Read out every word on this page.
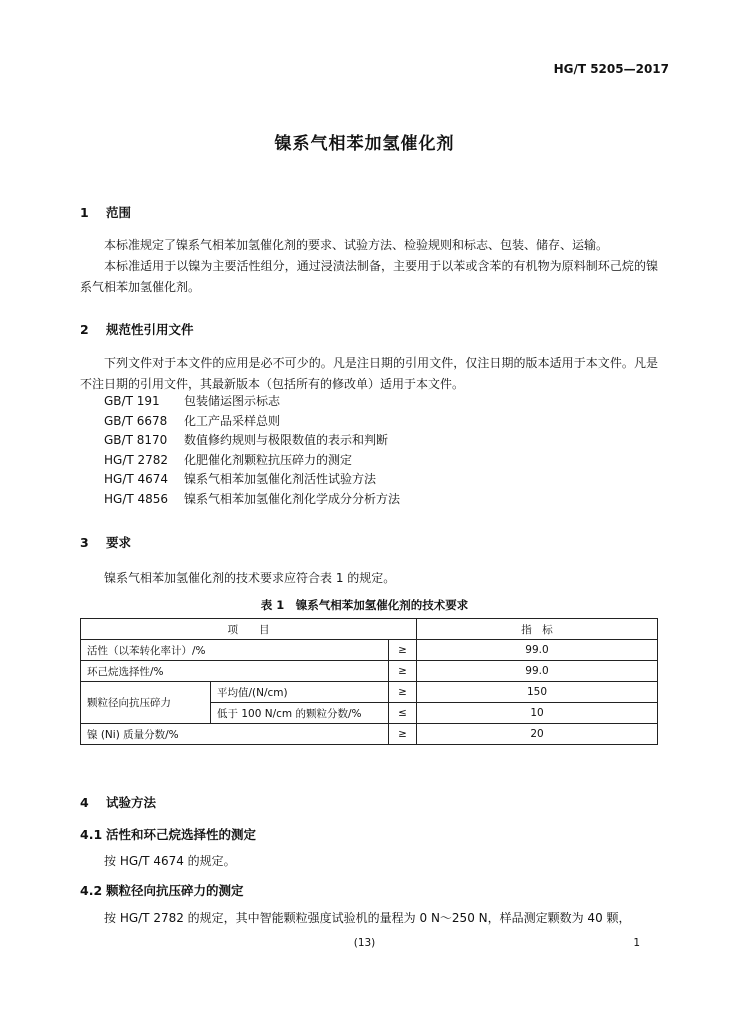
HG/T 5205—2017
镍系气相苯加氢催化剂
1 范围
本标准规定了镍系气相苯加氢催化剂的要求、试验方法、检验规则和标志、包装、储存、运输。
本标准适用于以镍为主要活性组分，通过浸渍法制备，主要用于以苯或含苯的有机物为原料制环己烷的镍系气相苯加氢催化剂。
2 规范性引用文件
下列文件对于本文件的应用是必不可少的。凡是注日期的引用文件，仅注日期的版本适用于本文件。凡是不注日期的引用文件，其最新版本（包括所有的修改单）适用于本文件。
GB/T 191 包装储运图示标志
GB/T 6678 化工产品采样总则
GB/T 8170 数值修约规则与极限数值的表示和判断
HG/T 2782 化肥催化剂颗粒抗压碎力的测定
HG/T 4674 镍系气相苯加氢催化剂活性试验方法
HG/T 4856 镍系气相苯加氢催化剂化学成分分析方法
3 要求
镍系气相苯加氢催化剂的技术要求应符合表 1 的规定。
表 1　镍系气相苯加氢催化剂的技术要求
项　　目			指　标
活性（以苯转化率计）/%		≥	99.0
环己烷选择性/%		≥	99.0
颗粒径向抗压碎力	平均值/(N/cm)	≥	150
	低于 100 N/cm 的颗粒分数/%	≤	10
镍 (Ni) 质量分数/%		≥	20
4 试验方法
4.1 活性和环己烷选择性的测定
按 HG/T 4674 的规定。
4.2 颗粒径向抗压碎力的测定
按 HG/T 2782 的规定，其中智能颗粒强度试验机的量程为 0 N～250 N，样品测定颗数为 40 颗，
(13)	1
